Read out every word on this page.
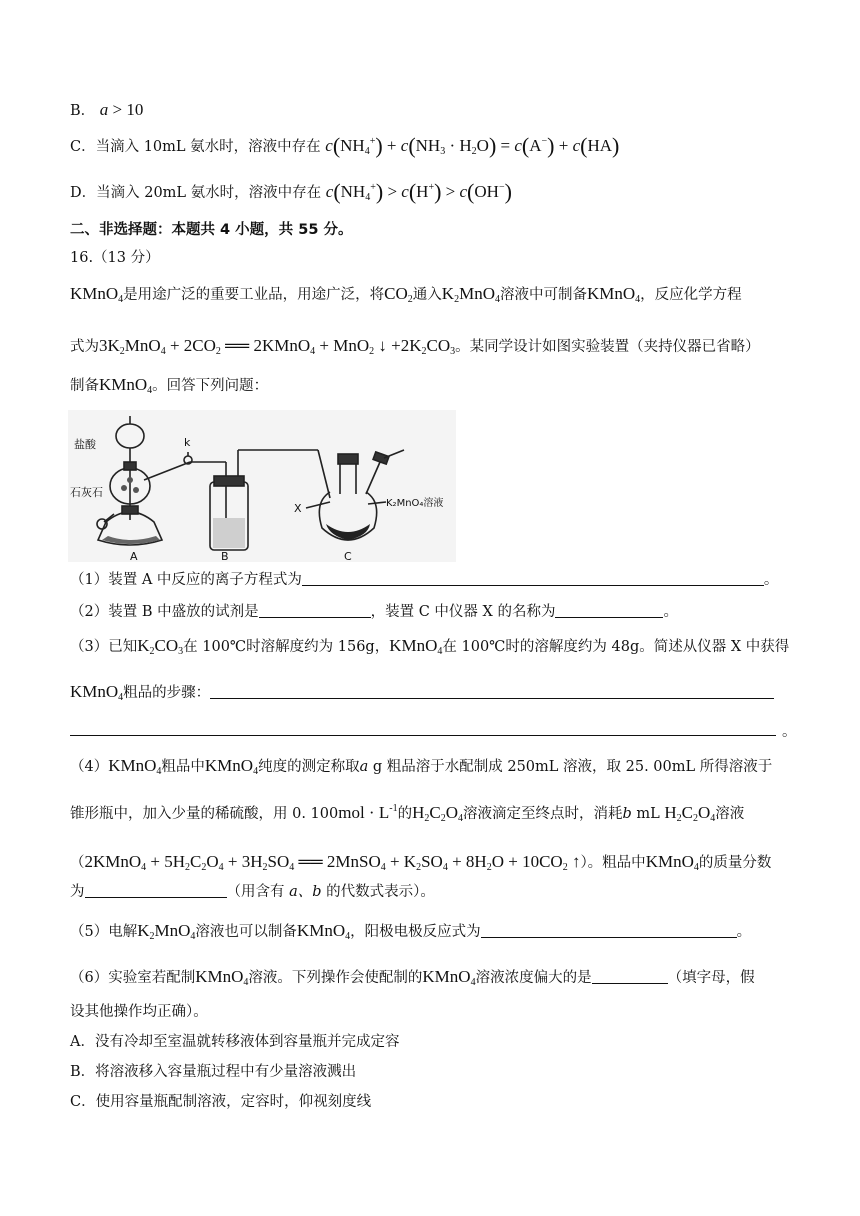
B． a > 10
C．当滴入 10mL 氨水时，溶液中存在 $c(NH_4^+) + c(NH_3 \cdot H_2O) = c(A^-) + c(HA)$
D．当滴入 20mL 氨水时，溶液中存在 $c(NH_4^+) > c(H^+) > c(OH^-)$
二、非选择题：本题共 4 小题，共 55 分。
16.（13 分）
KMnO$_4$是用途广泛的重要工业品，用途广泛，将$CO_2$通入$K_2MnO_4$溶液中可制备KMnO$_4$，反应化学方程
式为$3K_2MnO_4 + 2CO_2$ ══ 2KMnO$_4$ + MnO$_2$ ↓ $+2K_2CO_3$。某同学设计如图实验装置（夹持仪器已省略）
制备KMnO$_4$。回答下列问题：
盐酸	k
石灰石
X	K₂MnO₄溶液
A	B	C
（1）装置 A 中反应的离子方程式为	。
（2）装置 B 中盛放的试剂是	，装置 C 中仪器 X 的名称为	。
（3）已知$K_2CO_3$在 100℃时溶解度约为 156g，KMnO$_4$在 100℃时的溶解度约为 48g。简述从仪器 X 中获得
KMnO$_4$粗品的步骤：
。
（4）KMnO$_4$粗品中KMnO$_4$纯度的测定称取a g 粗品溶于水配制成 250mL 溶液，取 25. 00mL 所得溶液于
锥形瓶中，加入少量的稀硫酸，用 0. $100mol \cdot L^{-1}$的$H_2C_2O_4$溶液滴定至终点时，消耗b mL $H_2C_2O_4$溶液
（2KMnO$_4$ + $5H_2C_2O_4 + 3H_2SO_4$ ══ 2MnSO$_4$ + $K_2SO_4 + 8H_2O + 10CO_2$ ↑）。粗品中KMnO$_4$的质量分数
为	（用含有 a、b 的代数式表示）。
（5）电解$K_2MnO_4$溶液也可以制备KMnO$_4$，阳极电极反应式为	。
（6）实验室若配制KMnO$_4$溶液。下列操作会使配制的KMnO$_4$溶液浓度偏大的是	（填字母，假
设其他操作均正确）。
A．没有冷却至室温就转移液体到容量瓶并完成定容
B．将溶液移入容量瓶过程中有少量溶液溅出
C．使用容量瓶配制溶液，定容时，仰视刻度线
